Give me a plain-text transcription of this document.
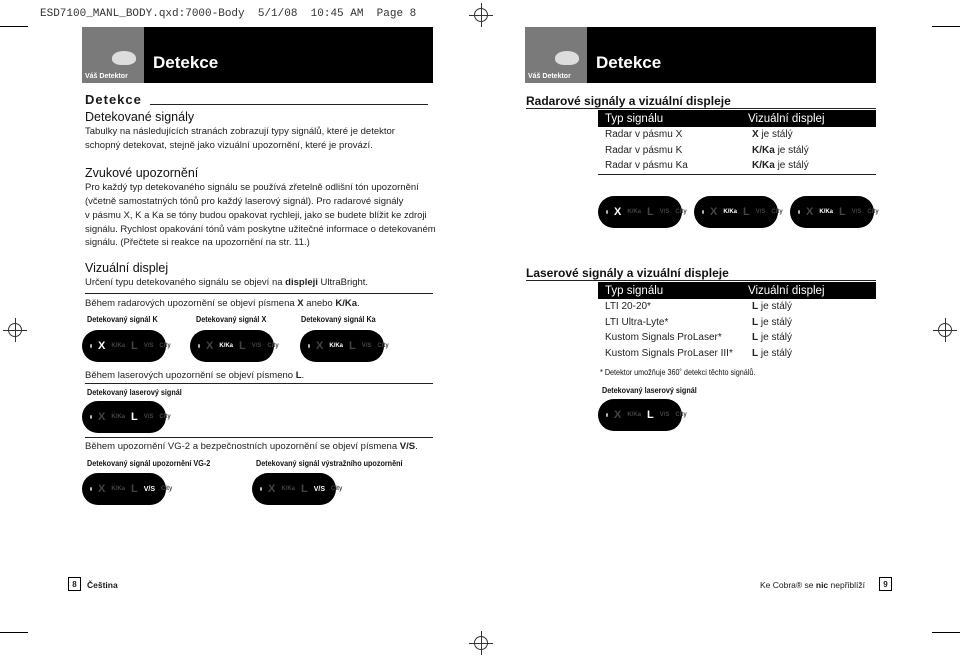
ESD7100_MANL_BODY.qxd:7000-Body  5/1/08  10:45 AM  Page 8
Váš Detektor
Detekce
Detekce
Detekované signály

Tabulky na následujících stranách zobrazují typy signálů, které je detektor

schopný detekovat, stejně jako vizuální upozornění, které je provází.

Zvukové upozornění

Pro každý typ detekovaného signálu se používá zřetelně odlišní tón upozornění

(včetně samostatných tónů pro každý laserový signál). Pro radarové signály

v pásmu X, K a Ka se tóny budou opakovat rychleji, jako se budete blížit ke zdroji

signálu. Rychlost opakování tónů vám poskytne užitečné informace o detekovaném

signálu. (Přečtete si reakce na upozornění na str. 11.)

Vizuální displej

Určení typu detekovaného signálu se objeví na displeji UltraBright.

Během radarových upozornění se objeví písmena X anebo K/Ka.

Detekovaný signál K	Detekovaný signál X	Detekovaný signál Ka
X K/Ka L V/S City	X K/Ka L V/S City	X K/Ka L V/S City

Během laserových upozornění se objeví písmeno L.

Detekovaný laserový signál
X K/Ka L V/S City

Během upozornění VG-2 a bezpečnostních upozornění se objeví písmena V/S.

Detekovaný signál upozornění VG-2	Detekovaný signál výstražního upozornění
X K/Ka L V/S City	X K/Ka L V/S City
8	Čeština
Váš Detektor
Detekce
Radarové signály a vizuální displeje
Typ signálu	Vizuální displej
Radar v pásmu X	X je stálý
Radar v pásmu K	K/Ka je stálý
Radar v pásmu Ka	K/Ka je stálý
X K/Ka L V/S City X K/Ka L V/S City X K/Ka L V/S City
Laserové signály a vizuální displeje
Typ signálu	Vizuální displej
LTI 20-20*	L je stálý
LTI Ultra-Lyte*	L je stálý
Kustom Signals ProLaser*	L je stálý
Kustom Signals ProLaser III* L je stálý
* Detektor umožňuje 360˚ detekci těchto signálů.
Detekovaný laserový signál
X K/Ka L V/S City
Ke Cobra® se nic nepřiblíží	9
